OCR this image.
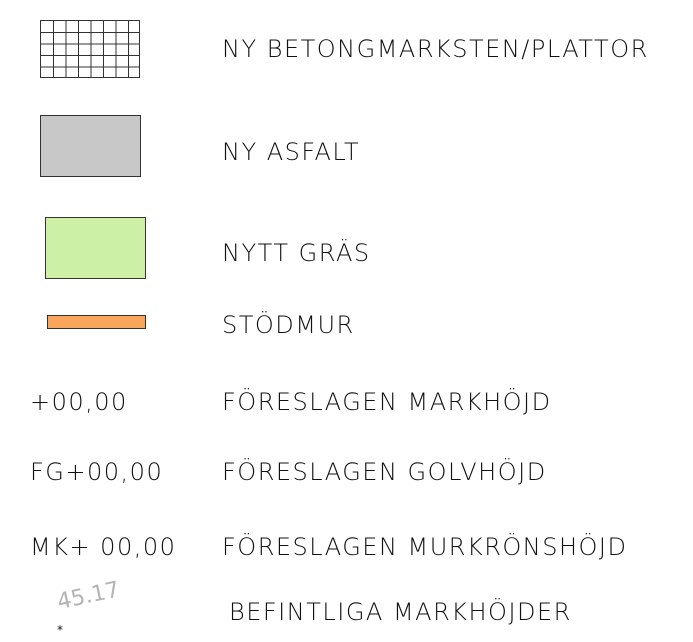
NY BETONGMARKSTEN/PLATTOR
NY ASFALT
NYTT GRÄS
STÖDMUR
+00,00	FÖRESLAGEN MARKHÖJD
FG+00,00 FÖRESLAGEN GOLVHÖJD
MK+ 00,00 FÖRESLAGEN MURKRÖNSHÖJD
*
45.17	BEFINTLIGA MARKHÖJDER
